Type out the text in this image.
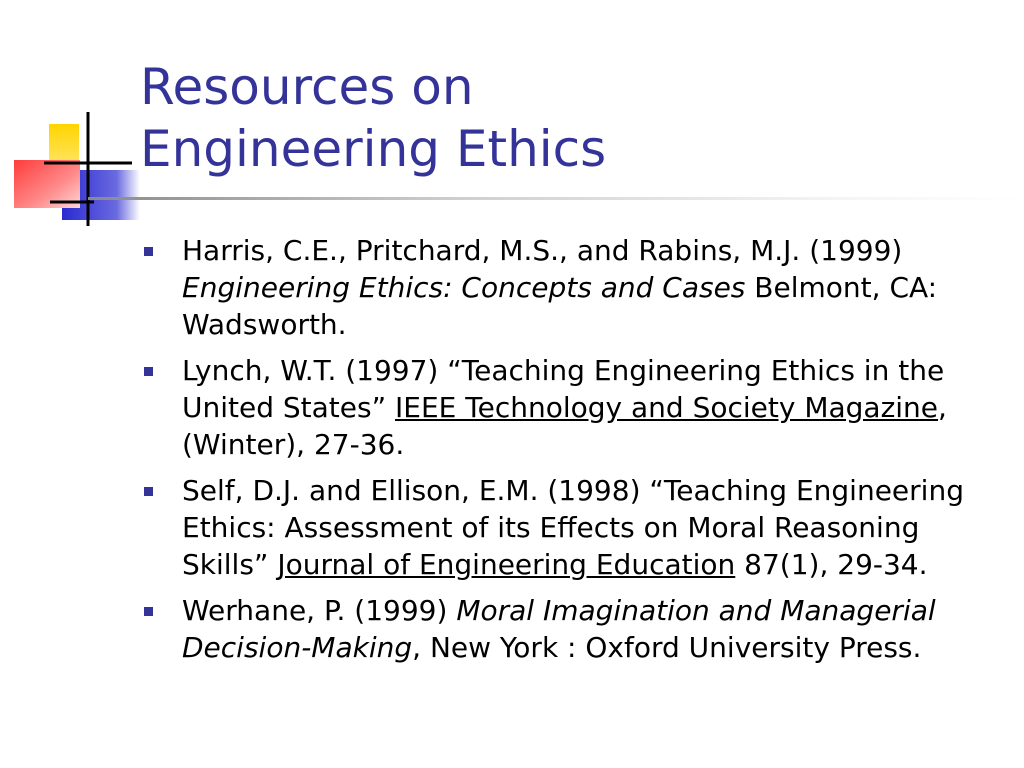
Resources on
Engineering Ethics
Harris, C.E., Pritchard, M.S., and Rabins, M.J. (1999) Engineering Ethics: Concepts and Cases Belmont, CA: Wadsworth.
Lynch, W.T. (1997) “Teaching Engineering Ethics in the United States” IEEE Technology and Society Magazine, (Winter), 27-36.
Self, D.J. and Ellison, E.M. (1998) “Teaching Engineering Ethics: Assessment of its Effects on Moral Reasoning Skills” Journal of Engineering Education 87(1), 29-34.
Werhane, P. (1999) Moral Imagination and Managerial Decision-Making, New York : Oxford University Press.
